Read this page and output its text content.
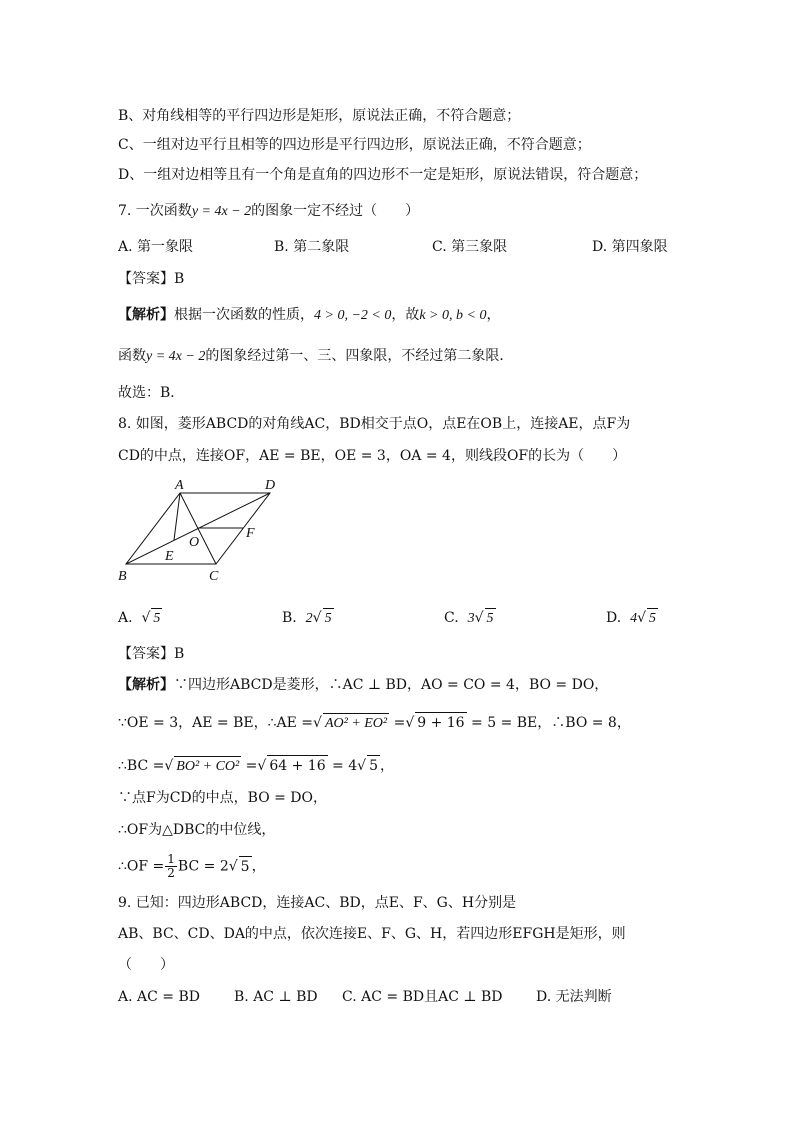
B、对角线相等的平行四边形是矩形，原说法正确，不符合题意；
C、一组对边平行且相等的四边形是平行四边形，原说法正确，不符合题意；
D、一组对边相等且有一个角是直角的四边形不一定是矩形，原说法错误，符合题意；
7. 一次函数y = 4x − 2的图象一定不经过（　　）
A. 第一象限	B. 第二象限	C. 第三象限	D. 第四象限
【答案】B
【解析】根据一次函数的性质，4 > 0, −2 < 0，故k > 0, b < 0，
函数y = 4x − 2的图象经过第一、三、四象限，不经过第二象限．
故选：B．
8. 如图，菱形ABCD的对角线AC，BD相交于点O，点E在OB上，连接AE，点F为
CD的中点，连接OF，AE = BE，OE = 3，OA = 4，则线段OF的长为（　　）
A	D
O
F
E
B	C
A. √ 5	B. 2√ 5	C. 3√ 5	D. 4√ 5
【答案】B
【解析】∵四边形ABCD是菱形，∴AC ⊥ BD，AO = CO = 4，BO = DO，
∵OE = 3，AE = BE，∴AE =√ AO² + EO² =√ 9 + 16 = 5 = BE，∴BO = 8，
∴BC =√ BO² + CO² =√ 64 + 16 = 4√ 5 ，
∵点F为CD的中点，BO = DO，
∴OF为△DBC的中位线，
∴OF = $\frac{1}{2}$ BC = 2√ 5 ，
9. 已知：四边形ABCD，连接AC、BD，点E、F、G、H分别是
AB、BC、CD、DA的中点，依次连接E、F、G、H，若四边形EFGH是矩形，则
（　　）
A. AC = BD B. AC ⊥ BD C. AC = BD且AC ⊥ BD D. 无法判断
